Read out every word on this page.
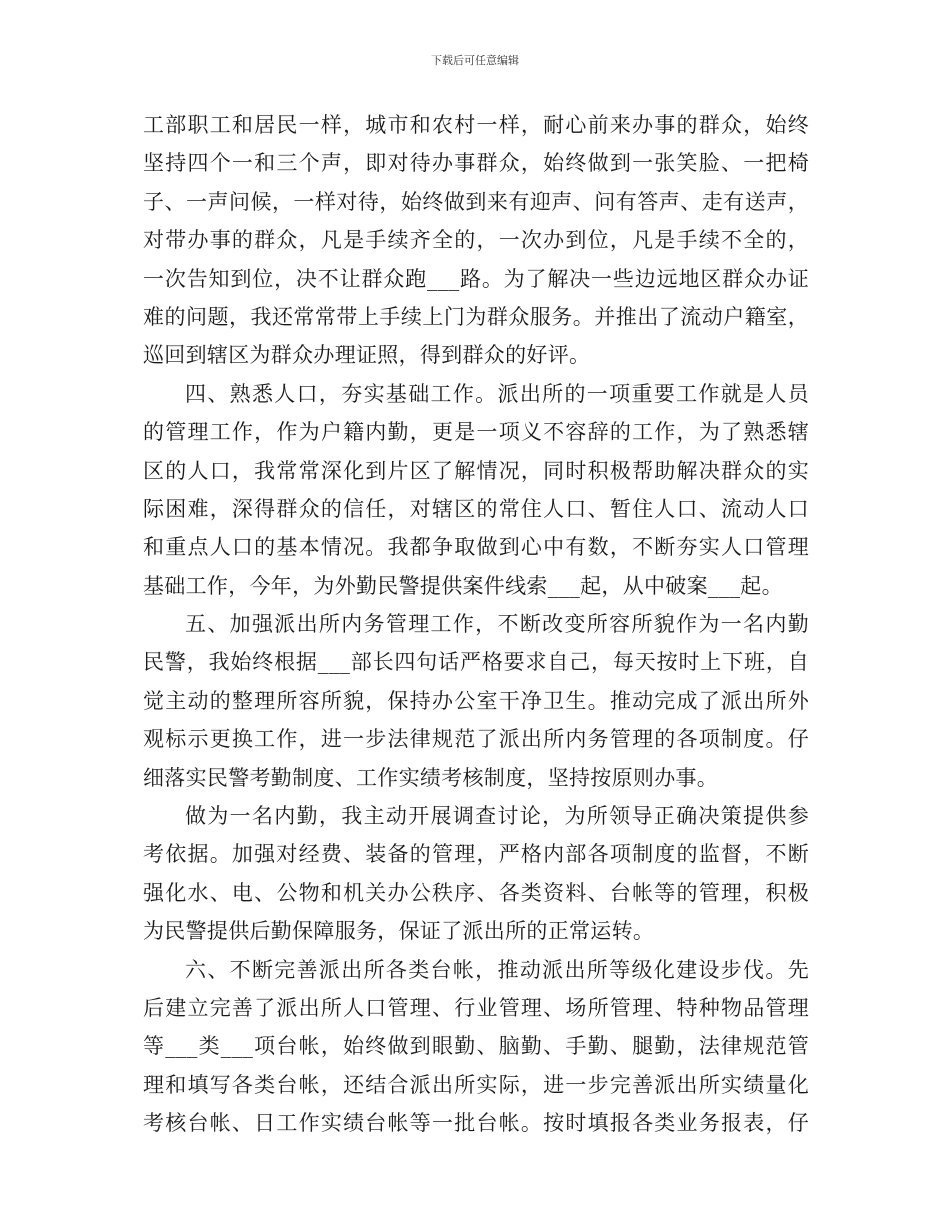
下载后可任意编辑
工部职工和居民一样，城市和农村一样，耐心前来办事的群众，始终
坚持四个一和三个声，即对待办事群众，始终做到一张笑脸、一把椅
子、一声问候，一样对待，始终做到来有迎声、问有答声、走有送声，
对带办事的群众，凡是手续齐全的，一次办到位，凡是手续不全的，
一次告知到位，决不让群众跑___路。为了解决一些边远地区群众办证
难的问题，我还常常带上手续上门为群众服务。并推出了流动户籍室，
巡回到辖区为群众办理证照，得到群众的好评。
四、熟悉人口，夯实基础工作。派出所的一项重要工作就是人员
的管理工作，作为户籍内勤，更是一项义不容辞的工作，为了熟悉辖
区的人口，我常常深化到片区了解情况，同时积极帮助解决群众的实
际困难，深得群众的信任，对辖区的常住人口、暂住人口、流动人口
和重点人口的基本情况。我都争取做到心中有数，不断夯实人口管理
基础工作，今年，为外勤民警提供案件线索___起，从中破案___起。
五、加强派出所内务管理工作，不断改变所容所貌作为一名内勤
民警，我始终根据___部长四句话严格要求自己，每天按时上下班，自
觉主动的整理所容所貌，保持办公室干净卫生。推动完成了派出所外
观标示更换工作，进一步法律规范了派出所内务管理的各项制度。仔
细落实民警考勤制度、工作实绩考核制度，坚持按原则办事。
做为一名内勤，我主动开展调查讨论，为所领导正确决策提供参
考依据。加强对经费、装备的管理，严格内部各项制度的监督，不断
强化水、电、公物和机关办公秩序、各类资料、台帐等的管理，积极
为民警提供后勤保障服务，保证了派出所的正常运转。
六、不断完善派出所各类台帐，推动派出所等级化建设步伐。先
后建立完善了派出所人口管理、行业管理、场所管理、特种物品管理
等___类___项台帐，始终做到眼勤、脑勤、手勤、腿勤，法律规范管
理和填写各类台帐，还结合派出所实际，进一步完善派出所实绩量化
考核台帐、日工作实绩台帐等一批台帐。按时填报各类业务报表，仔
